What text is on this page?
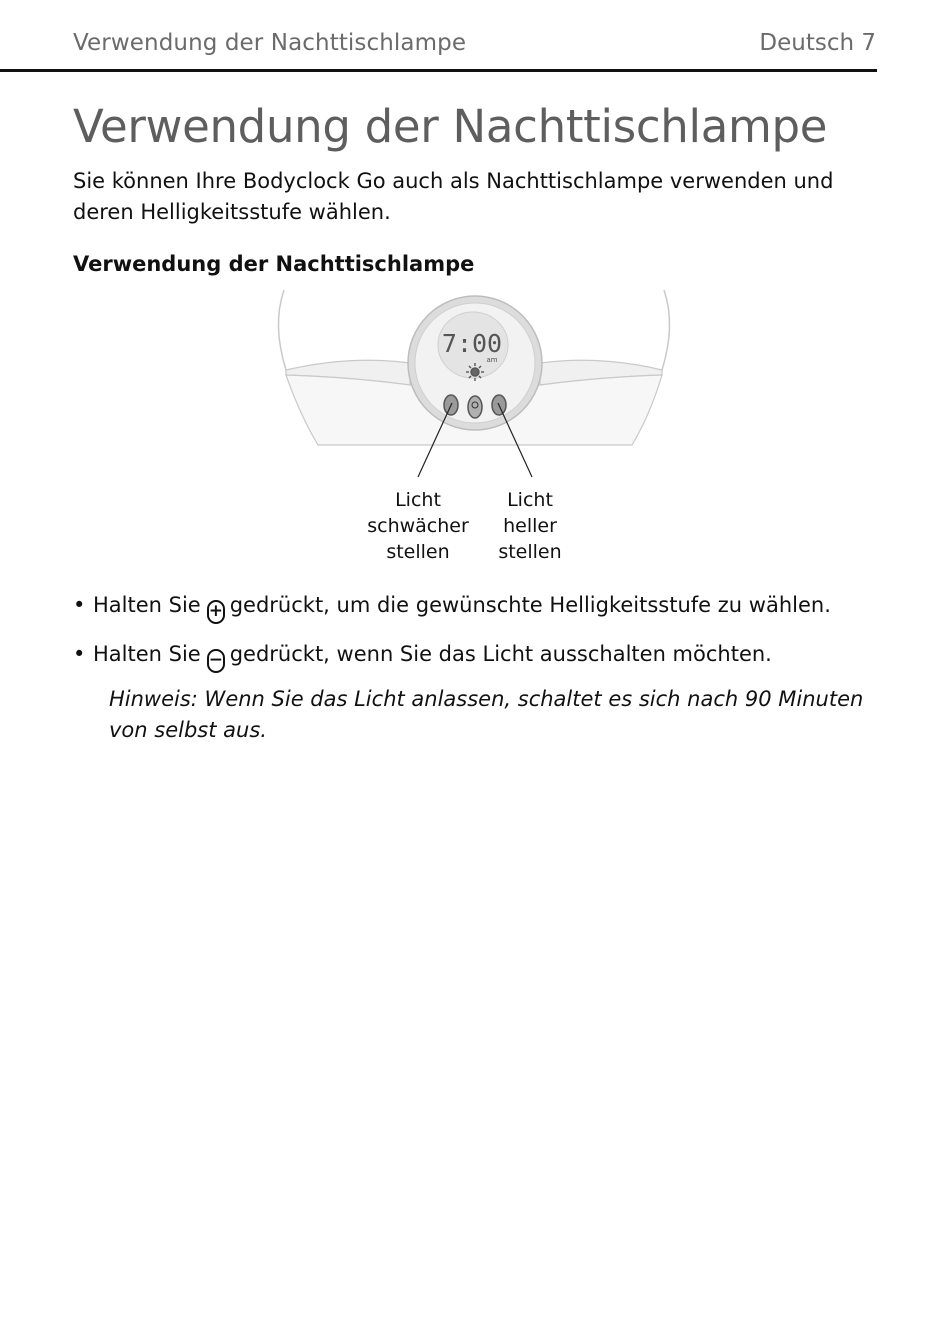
Verwendung der Nachttischlampe	Deutsch 7
Verwendung der Nachttischlampe
Sie können Ihre Bodyclock Go auch als Nachttischlampe verwenden und deren Helligkeitsstufe wählen.
Verwendung der Nachttischlampe
7:00
am
Licht
schwächer
stellen
Licht
heller
stellen
• Halten Sie + gedrückt, um die gewünschte Helligkeitsstufe zu wählen.
• Halten Sie − gedrückt, wenn Sie das Licht ausschalten möchten.
Hinweis: Wenn Sie das Licht anlassen, schaltet es sich nach 90 Minuten von selbst aus.
